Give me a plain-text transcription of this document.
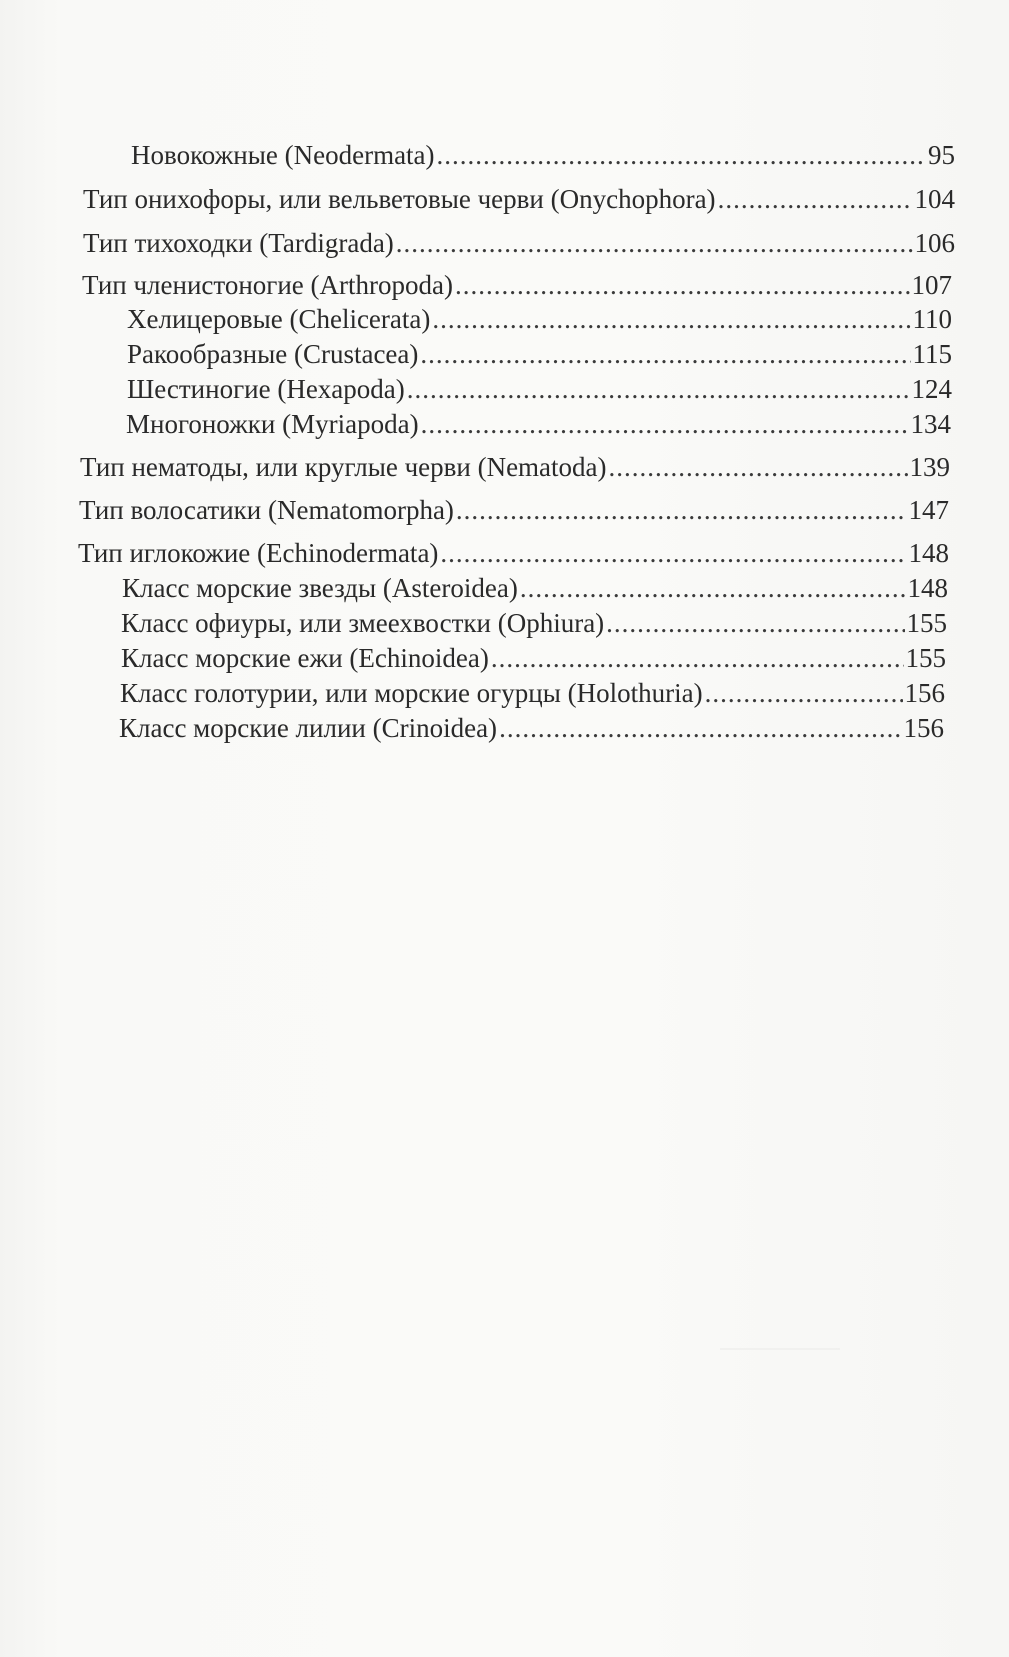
Новокожные (Neodermata) .....	95
Тип онихофоры, или вельветовые черви (Onychophora) .....	104
Тип тихоходки (Tardigrada) .....	106
Тип членистоногие (Arthropoda) .....	107
Хелицеровые (Chelicerata) .....	110
Ракообразные (Crustacea) .....	115
Шестиногие (Hexapoda) .....	124
Многоножки (Myriapoda) .....	134
Тип нематоды, или круглые черви (Nematoda) .....	139
Тип волосатики (Nematomorpha) .....	147
Тип иглокожие (Echinodermata) .....	148
Класс морские звезды (Asteroidea) .....	148
Класс офиуры, или змеехвостки (Ophiura) .....	155
Класс морские ежи (Echinoidea) .....	155
Класс голотурии, или морские огурцы (Holothuria) .....	156
Класс морские лилии (Crinoidea) .....	156
